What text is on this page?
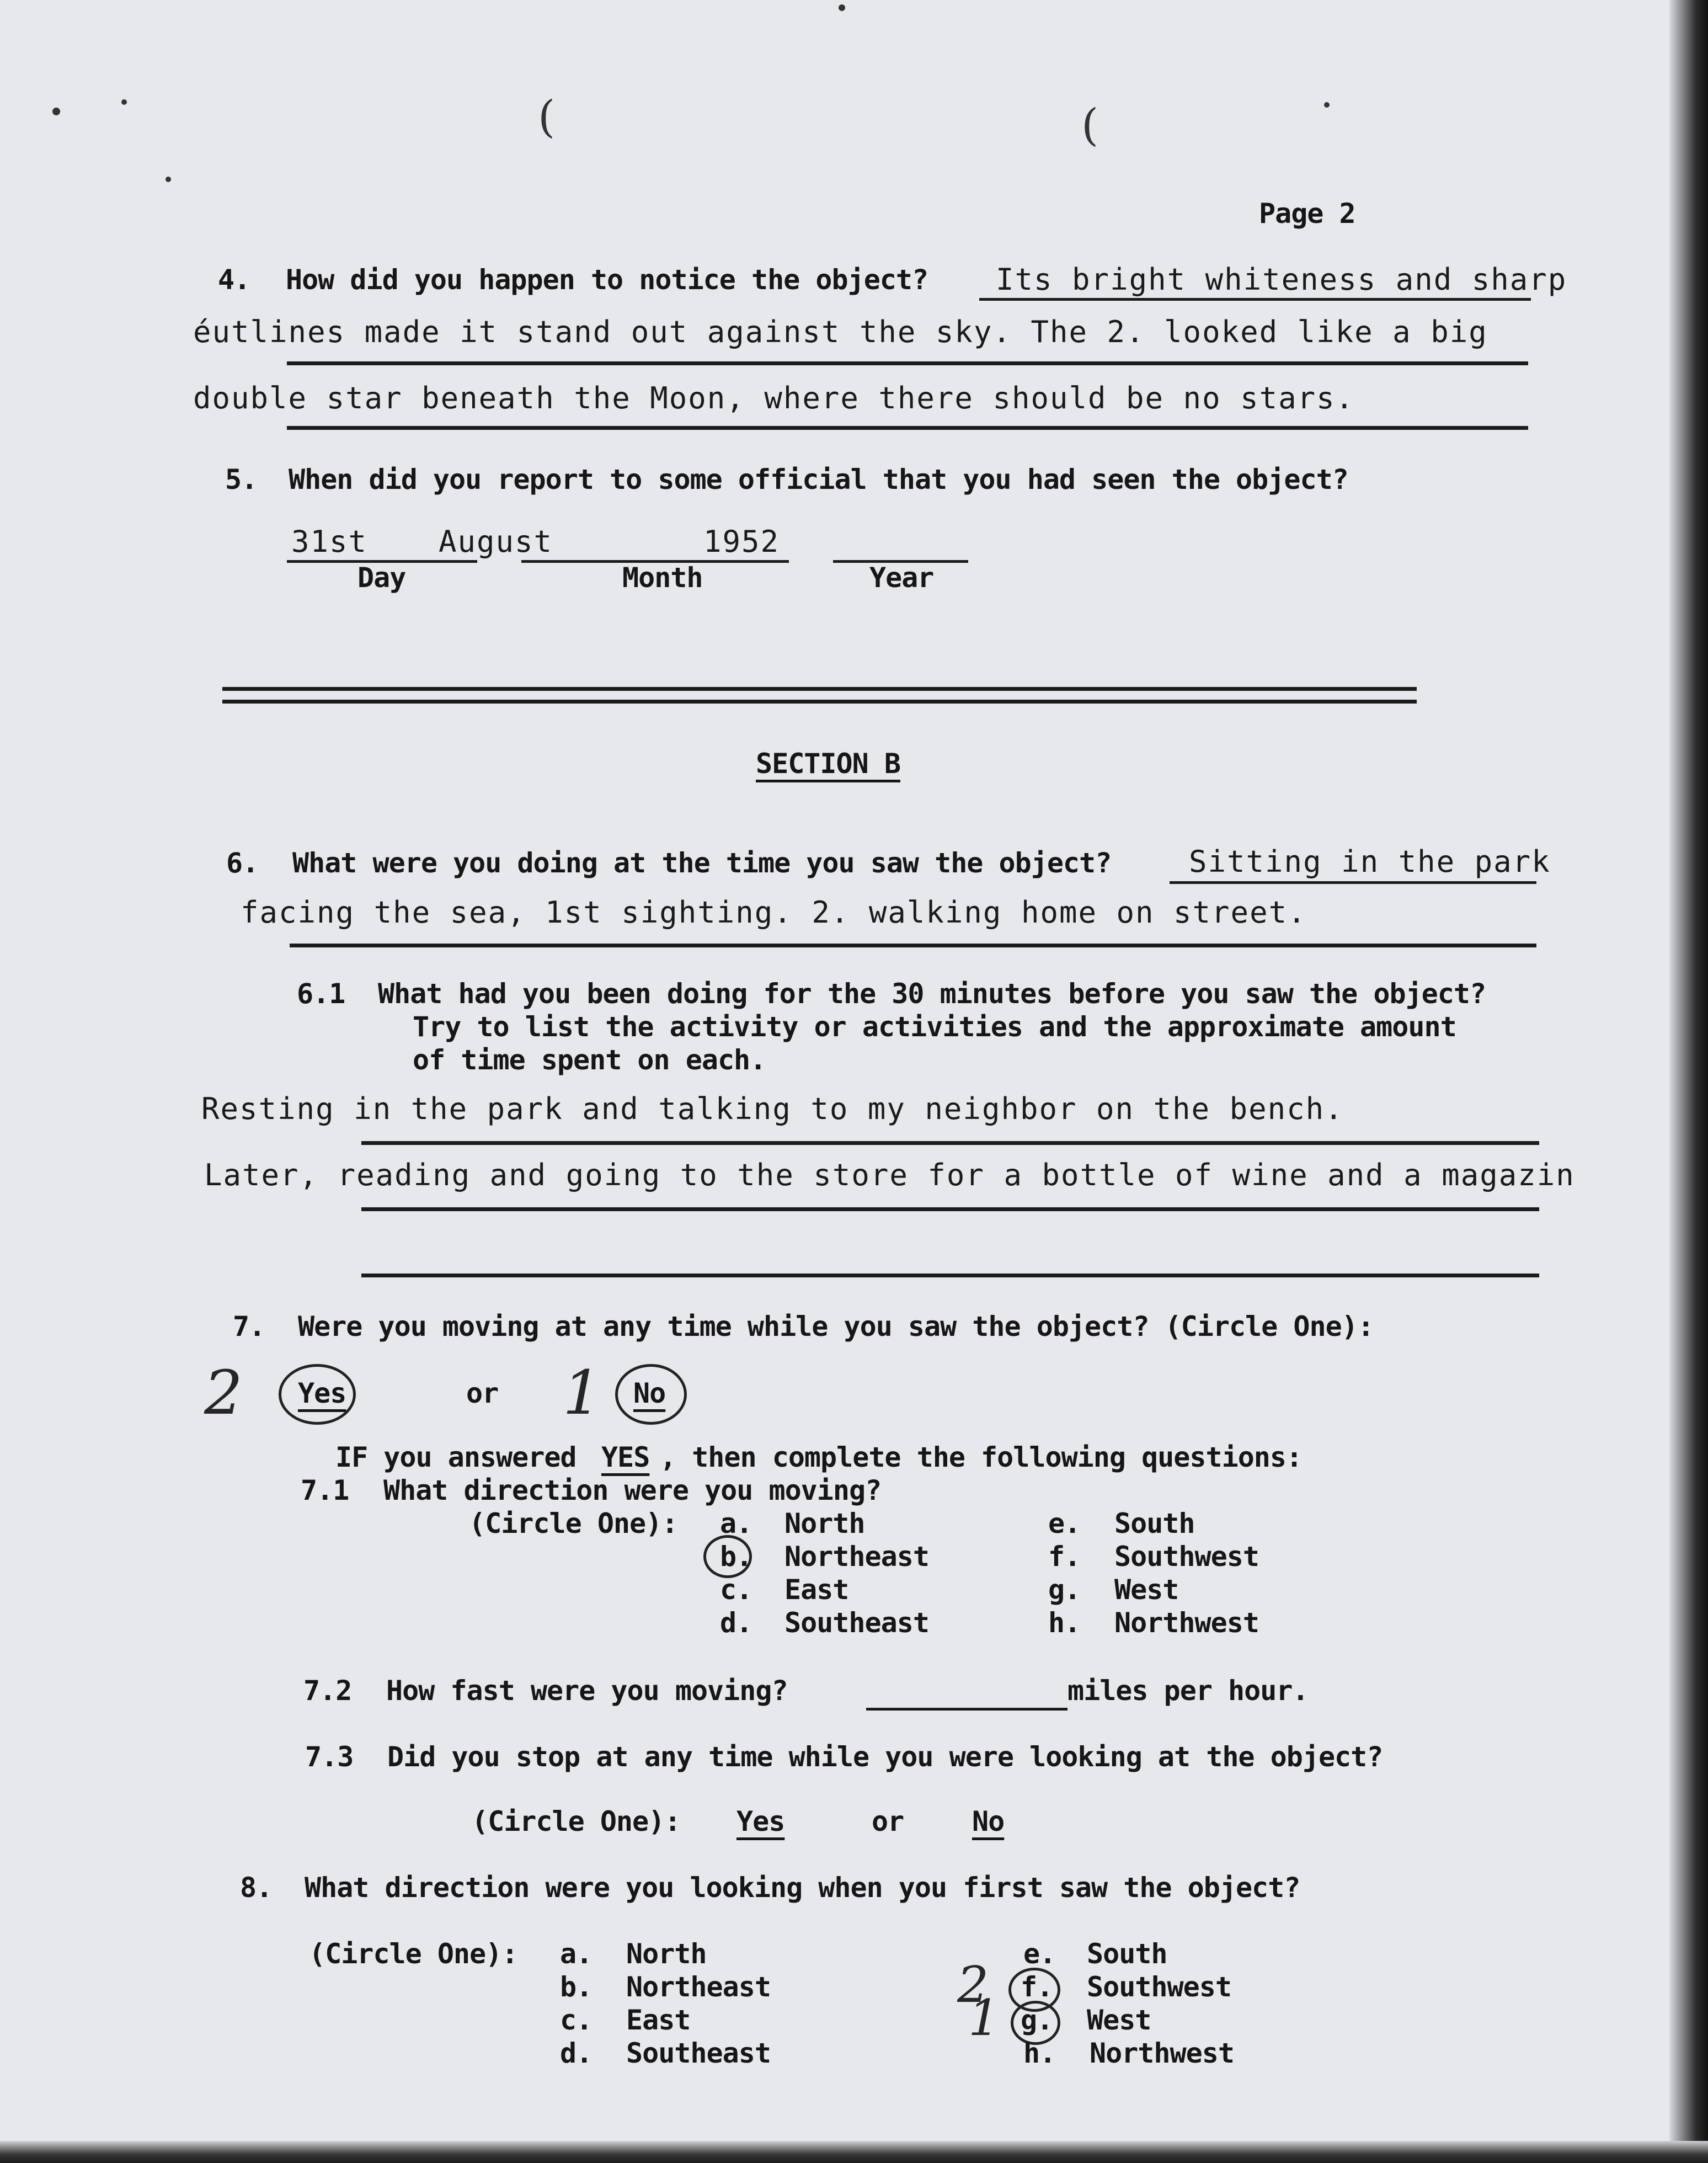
(	(
Page 2
4. How did you happen to notice the object? Its bright whiteness and sharp
éutlines made it stand out against the sky. The 2. looked like a big
double star beneath the Moon, where there should be no stars.
5. When did you report to some official that you had seen the object?
31st August	1952
Day	Month	Year
SECTION B
6. What were you doing at the time you saw the object?	Sitting in the park
facing the sea, 1st sighting. 2. walking home on street.
6.1 What had you been doing for the 30 minutes before you saw the object?
Try to list the activity or activities and the approximate amount
of time spent on each.
Resting in the park and talking to my neighbor on the bench.
Later, reading and going to the store for a bottle of wine and a magazin
7. Were you moving at any time while you saw the object? (Circle One):
2 Yes	or 1 No
IF you answered YES , then complete the following questions:
7.1 What direction were you moving?
(Circle One): a. North
b. Northeast
c. East
d. Southeast
e. South
f. Southwest
g. West
h. Northwest
7.2 How fast were you moving?	miles per hour.
7.3 Did you stop at any time while you were looking at the object?
(Circle One): Yes	or No
8. What direction were you looking when you first saw the object?
(Circle One): a. North
b. Northeast
c. East
d. Southeast
e. South
2 f. Southwest
1 g. West
h. Northwest
